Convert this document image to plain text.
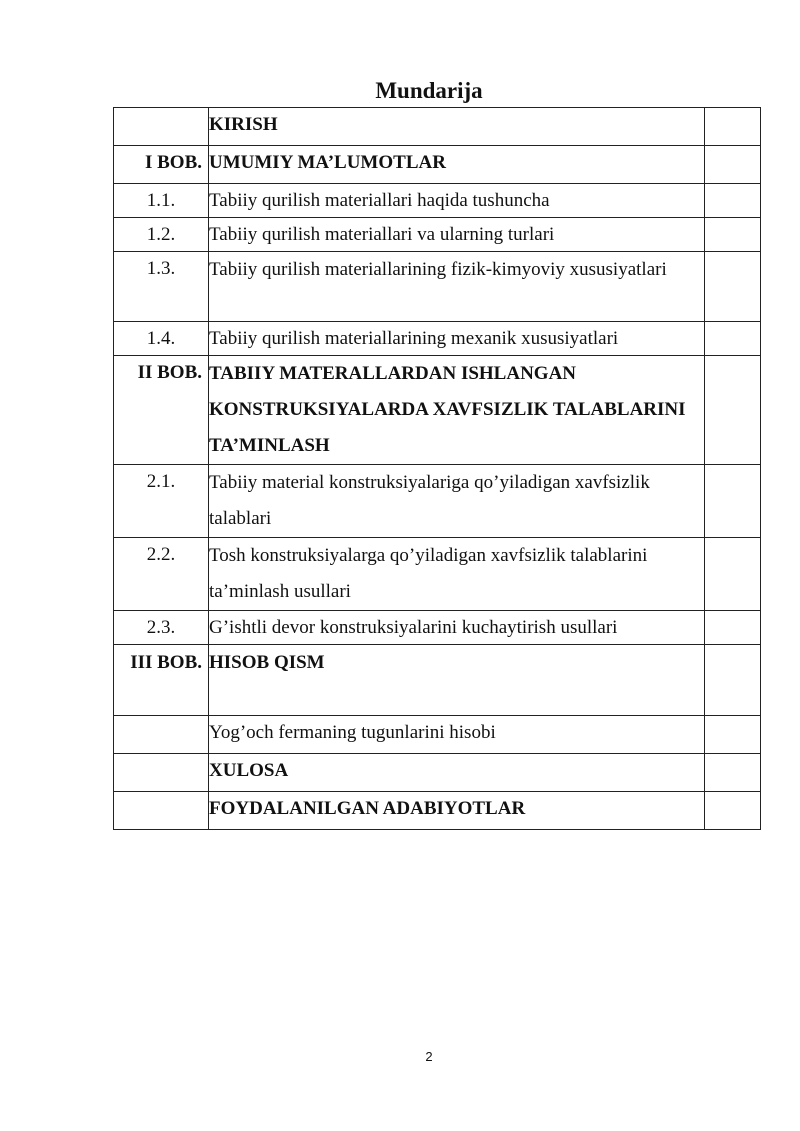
Mundarija
	KIRISH	
I BOB.	UMUMIY MA’LUMOTLAR	
1.1.	Tabiiy qurilish materiallari haqida tushuncha	
1.2.	Tabiiy qurilish materiallari va ularning turlari	
1.3.	Tabiiy qurilish materiallarining fizik-kimyoviy xususiyatlari	
1.4.	Tabiiy qurilish materiallarining mexanik xususiyatlari	
II BOB.	TABIIY MATERALLARDAN ISHLANGAN KONSTRUKSIYALARDA XAVFSIZLIK TALABLARINI TA’MINLASH	
2.1.	Tabiiy material konstruksiyalariga qo’yiladigan xavfsizlik talablari	
2.2.	Tosh konstruksiyalarga qo’yiladigan xavfsizlik talablarini ta’minlash usullari	
2.3.	G’ishtli devor konstruksiyalarini kuchaytirish usullari	
III BOB.	HISOB QISM	
	Yog’och fermaning tugunlarini hisobi	
	XULOSA	
	FOYDALANILGAN ADABIYOTLAR	
2
